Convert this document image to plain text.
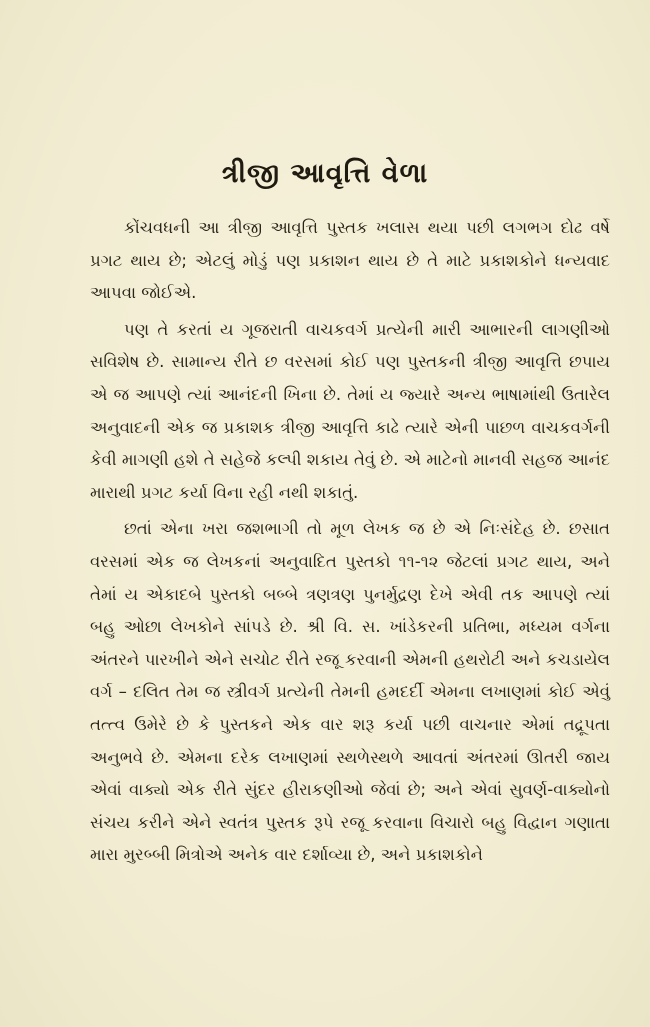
ત્રીજી આવૃત્તિ વેળા

કોંચવધની આ ત્રીજી આવૃત્તિ પુસ્તક ખલાસ થયા પછી લગભગ દોઢ વર્ષે પ્રગટ થાય છે; એટલું મોડું પણ પ્રકાશન થાય છે તે માટે પ્રકાશકોને ધન્યવાદ આપવા જોઈએ.

પણ તે કરતાં ય ગૂજરાતી વાચકવર્ગ પ્રત્યેની મારી આભારની લાગણીઓ સવિશેષ છે. સામાન્ય રીતે છ વરસમાં કોઈ પણ પુસ્તકની ત્રીજી આવૃત્તિ છપાય એ જ આપણે ત્યાં આનંદની ખિના છે. તેમાં ય જ્યારે અન્ય ભાષામાંથી ઉતારેલ અનુવાદની એક જ પ્રકાશક ત્રીજી આવૃત્તિ કાઢે ત્યારે એની પાછળ વાચકવર્ગની કેવી માગણી હશે તે સહેજે કલ્પી શકાય તેવું છે. એ માટેનો માનવી સહજ આનંદ મારાથી પ્રગટ કર્યા વિના રહી નથી શકાતું.

છતાં એના ખરા જશભાગી તો મૂળ લેખક જ છે એ નિઃસંદેહ છે. છસાત વરસમાં એક જ લેખકનાં અનુવાદિત પુસ્તકો ૧૧-૧૨ જેટલાં પ્રગટ થાય, અને તેમાં ય એકાદબે પુસ્તકો બબ્બે ત્રણત્રણ પુનર્મુદ્રણ દેખે એવી તક આપણે ત્યાં બહુ ઓછા લેખકોને સાંપડે છે. શ્રી વિ. સ. ખાંડેકરની પ્રતિભા, મધ્યમ વર્ગના અંતરને પારખીને એને સચોટ રીતે રજૂ કરવાની એમની હથરોટી અને કચડાયેલ વર્ગ – દલિત તેમ જ સ્ત્રીવર્ગ પ્રત્યેની તેમની હમદર્દી એમના લખાણમાં કોઈ એવું તત્ત્વ ઉમેરે છે કે પુસ્તકને એક વાર શરૂ કર્યા પછી વાચનાર એમાં તદ્રૂપતા અનુભવે છે. એમના દરેક લખાણમાં સ્થળેસ્થળે આવતાં અંતરમાં ઊતરી જાય એવાં વાક્યો એક રીતે સુંદર હીરાકણીઓ જેવાં છે; અને એવાં સુવર્ણ-વાક્યોનો સંચય કરીને એને સ્વતંત્ર પુસ્તક રૂપે રજૂ કરવાના વિચારો બહુ વિદ્વાન ગણાતા મારા મુરબ્બી મિત્રોએ અનેક વાર દર્શાવ્યા છે, અને પ્રકાશકોને
